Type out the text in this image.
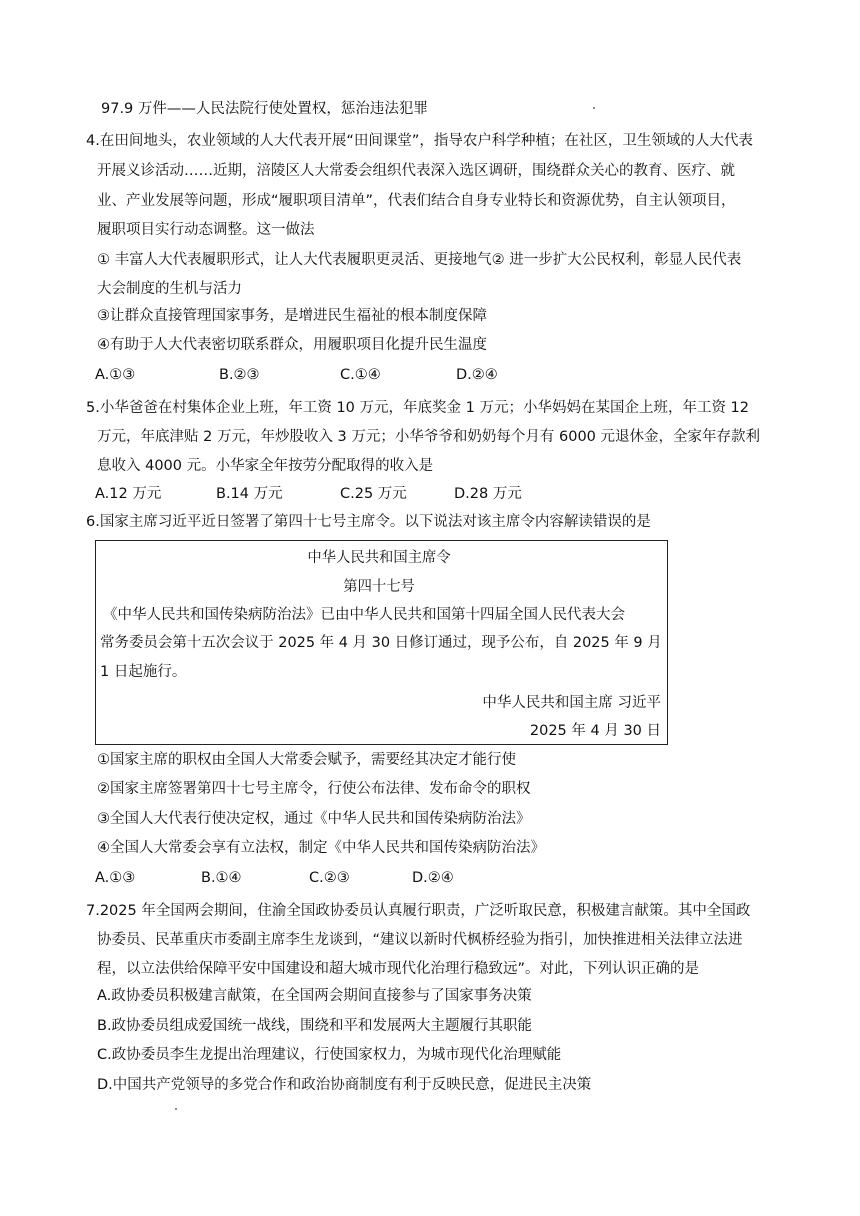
97.9 万件——人民法院行使处置权，惩治违法犯罪
4.在田间地头，农业领域的人大代表开展“田间课堂”，指导农户科学种植；在社区，卫生领域的人大代表
开展义诊活动……近期，涪陵区人大常委会组织代表深入选区调研，围绕群众关心的教育、医疗、就
业、产业发展等问题，形成“履职项目清单”，代表们结合自身专业特长和资源优势，自主认领项目，
履职项目实行动态调整。这一做法
① 丰富人大代表履职形式，让人大代表履职更灵活、更接地气② 进一步扩大公民权利，彰显人民代表
大会制度的生机与活力
③让群众直接管理国家事务，是增进民生福祉的根本制度保障
④有助于人大代表密切联系群众，用履职项目化提升民生温度
A.①③	B.②③	C.①④	D.②④
5.小华爸爸在村集体企业上班，年工资 10 万元，年底奖金 1 万元；小华妈妈在某国企上班，年工资 12
万元，年底津贴 2 万元，年炒股收入 3 万元；小华爷爷和奶奶每个月有 6000 元退休金，全家年存款利
息收入 4000 元。小华家全年按劳分配取得的收入是
A.12 万元	B.14 万元	C.25 万元	D.28 万元
6.国家主席习近平近日签署了第四十七号主席令。以下说法对该主席令内容解读错误的是
中华人民共和国主席令
第四十七号
《中华人民共和国传染病防治法》已由中华人民共和国第十四届全国人民代表大会
常务委员会第十五次会议于 2025 年 4 月 30 日修订通过，现予公布，自 2025 年 9 月
1 日起施行。
中华人民共和国主席 习近平
2025 年 4 月 30 日
①国家主席的职权由全国人大常委会赋予，需要经其决定才能行使
②国家主席签署第四十七号主席令，行使公布法律、发布命令的职权
③全国人大代表行使决定权，通过《中华人民共和国传染病防治法》
④全国人大常委会享有立法权，制定《中华人民共和国传染病防治法》
A.①③	B.①④	C.②③	D.②④
7.2025 年全国两会期间，住渝全国政协委员认真履行职责，广泛听取民意，积极建言献策。其中全国政
协委员、民革重庆市委副主席李生龙谈到，“建议以新时代枫桥经验为指引，加快推进相关法律立法进
程，以立法供给保障平安中国建设和超大城市现代化治理行稳致远”。对此，下列认识正确的是
A.政协委员积极建言献策，在全国两会期间直接参与了国家事务决策
B.政协委员组成爱国统一战线，围绕和平和发展两大主题履行其职能
C.政协委员李生龙提出治理建议，行使国家权力，为城市现代化治理赋能
D.中国共产党领导的多党合作和政治协商制度有利于反映民意，促进民主决策
